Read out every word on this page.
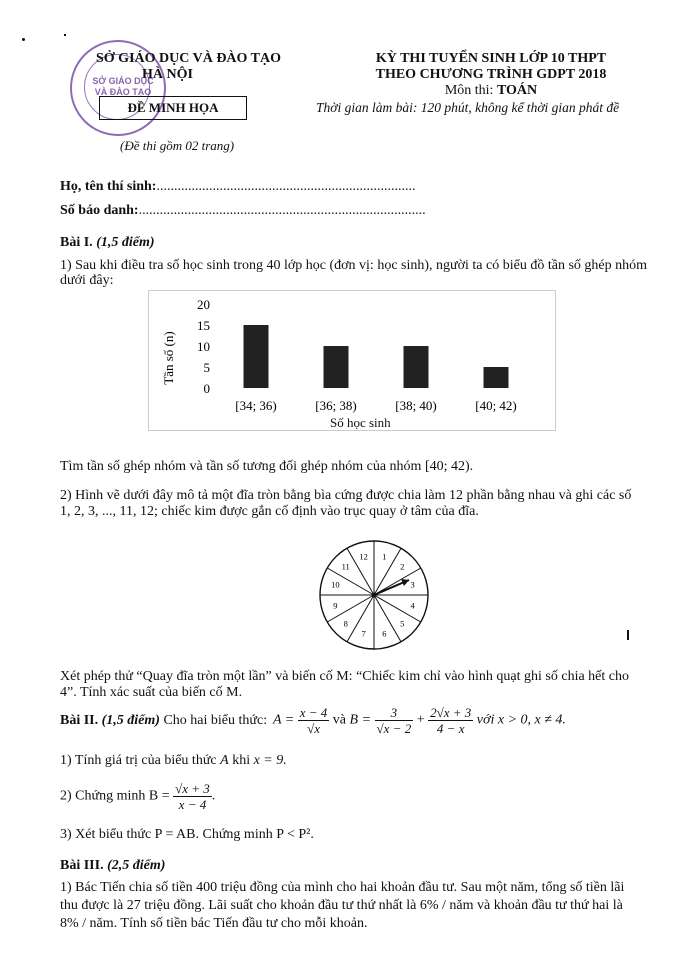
SỞ GIÁO DỤC
VÀ ĐÀO TẠO
SỞ GIÁO DỤC VÀ ĐÀO TẠO
HÀ NỘI
ĐỀ MINH HỌA
(Đề thi gồm 02 trang)
KỲ THI TUYỂN SINH LỚP 10 THPT
THEO CHƯƠNG TRÌNH GDPT 2018
Môn thi: TOÁN
Thời gian làm bài: 120 phút, không kể thời gian phát đề
Họ, tên thí sinh:..........................................................................
Số báo danh:..................................................................................
Bài I. (1,5 điểm)
1) Sau khi điều tra số học sinh trong 40 lớp học (đơn vị: học sinh), người ta có biểu đồ tần số ghép nhóm
dưới đây:
0
5
10
15
20
[34; 36)	[36; 38)	[38; 40)	[40; 42)
Tần số (n)
Số học sinh
Tìm tần số ghép nhóm và tần số tương đối ghép nhóm của nhóm [40; 42).
2) Hình vẽ dưới đây mô tả một đĩa tròn bằng bìa cứng được chia làm 12 phần bằng nhau và ghi các số
1, 2, 3, ..., 11, 12; chiếc kim được gắn cố định vào trục quay ở tâm của đĩa.
1
2
3
4
5
6
7
8
9
10
11
12
Xét phép thử “Quay đĩa tròn một lần” và biến cố M: “Chiếc kim chỉ vào hình quạt ghi số chia hết cho
4”. Tính xác suất của biến cố M.
Bài II. (1,5 điểm) Cho hai biểu thức: $A = \frac{x - 4}{√x}$ và $B = \frac{3}{√x - 2} + \frac{2√x + 3}{4 - x}$ với x > 0, x ≠ 4.
1) Tính giá trị của biểu thức A khi x = 9.
2) Chứng minh $B = \frac{√x + 3}{x - 4}$ .
3) Xét biểu thức P = AB. Chứng minh P < P².
Bài III. (2,5 điểm)
1) Bác Tiến chia số tiền 400 triệu đồng của mình cho hai khoản đầu tư. Sau một năm, tổng số tiền lãi
thu được là 27 triệu đồng. Lãi suất cho khoản đầu tư thứ nhất là 6% / năm và khoản đầu tư thứ hai là
8% / năm. Tính số tiền bác Tiến đầu tư cho mỗi khoản.
